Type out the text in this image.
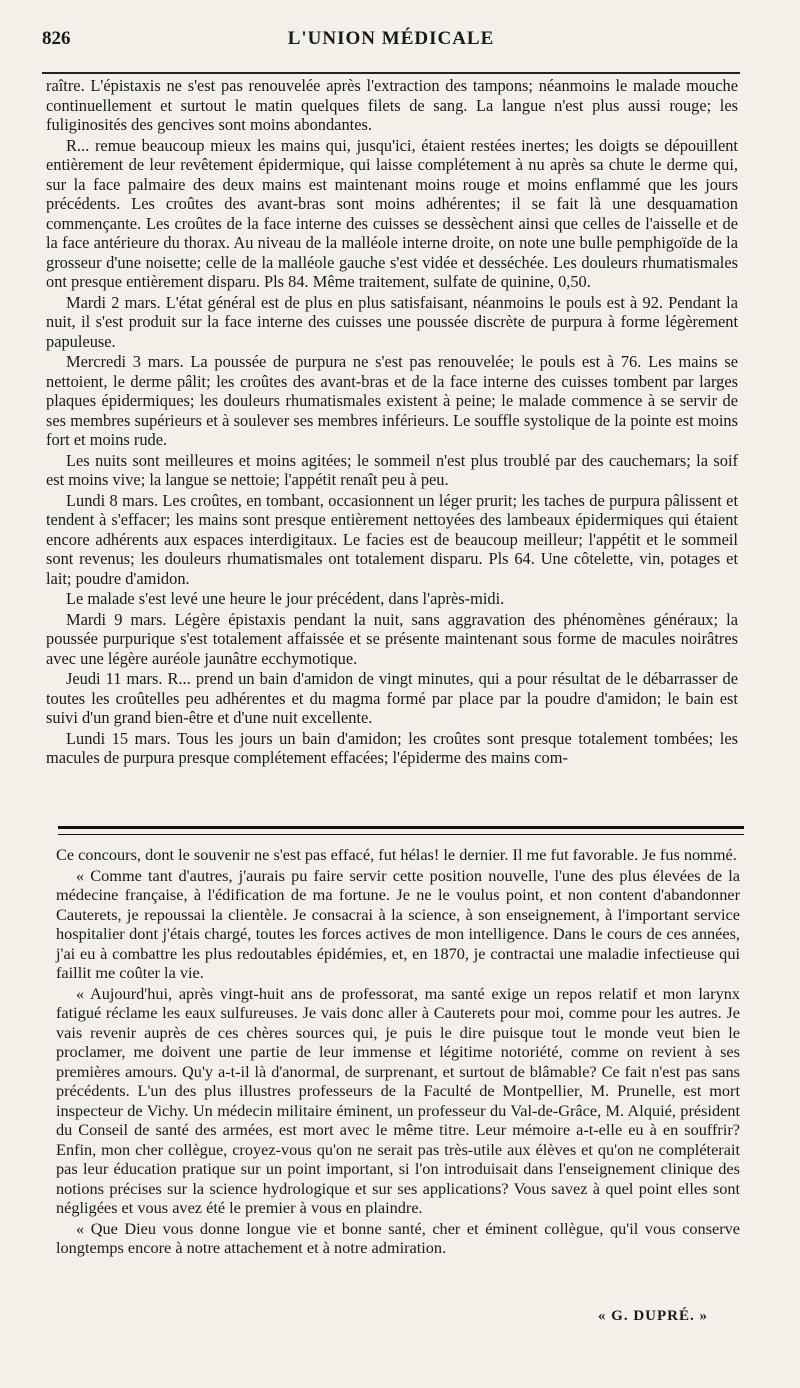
826	L'UNION MÉDICALE

raître. L'épistaxis ne s'est pas renouvelée après l'extraction des tampons; néanmoins le malade mouche continuellement et surtout le matin quelques filets de sang. La langue n'est plus aussi rouge; les fuliginosités des gencives sont moins abondantes.

R... remue beaucoup mieux les mains qui, jusqu'ici, étaient restées inertes; les doigts se dépouillent entièrement de leur revêtement épidermique, qui laisse complétement à nu après sa chute le derme qui, sur la face palmaire des deux mains est maintenant moins rouge et moins enflammé que les jours précédents. Les croûtes des avant-bras sont moins adhérentes; il se fait là une desquamation commençante. Les croûtes de la face interne des cuisses se dessèchent ainsi que celles de l'aisselle et de la face antérieure du thorax. Au niveau de la malléole interne droite, on note une bulle pemphigoïde de la grosseur d'une noisette; celle de la malléole gauche s'est vidée et desséchée. Les douleurs rhumatismales ont presque entièrement disparu. Pls 84. Même traitement, sulfate de quinine, 0,50.

Mardi 2 mars. L'état général est de plus en plus satisfaisant, néanmoins le pouls est à 92. Pendant la nuit, il s'est produit sur la face interne des cuisses une poussée discrète de purpura à forme légèrement papuleuse.

Mercredi 3 mars. La poussée de purpura ne s'est pas renouvelée; le pouls est à 76. Les mains se nettoient, le derme pâlit; les croûtes des avant-bras et de la face interne des cuisses tombent par larges plaques épidermiques; les douleurs rhumatismales existent à peine; le malade commence à se servir de ses membres supérieurs et à soulever ses membres inférieurs. Le souffle systolique de la pointe est moins fort et moins rude.

Les nuits sont meilleures et moins agitées; le sommeil n'est plus troublé par des cauchemars; la soif est moins vive; la langue se nettoie; l'appétit renaît peu à peu.

Lundi 8 mars. Les croûtes, en tombant, occasionnent un léger prurit; les taches de purpura pâlissent et tendent à s'effacer; les mains sont presque entièrement nettoyées des lambeaux épidermiques qui étaient encore adhérents aux espaces interdigitaux. Le facies est de beaucoup meilleur; l'appétit et le sommeil sont revenus; les douleurs rhumatismales ont totalement disparu. Pls 64. Une côtelette, vin, potages et lait; poudre d'amidon.

Le malade s'est levé une heure le jour précédent, dans l'après-midi.

Mardi 9 mars. Légère épistaxis pendant la nuit, sans aggravation des phénomènes généraux; la poussée purpurique s'est totalement affaissée et se présente maintenant sous forme de macules noirâtres avec une légère auréole jaunâtre ecchymotique.

Jeudi 11 mars. R... prend un bain d'amidon de vingt minutes, qui a pour résultat de le débarrasser de toutes les croûtelles peu adhérentes et du magma formé par place par la poudre d'amidon; le bain est suivi d'un grand bien-être et d'une nuit excellente.

Lundi 15 mars. Tous les jours un bain d'amidon; les croûtes sont presque totalement tombées; les macules de purpura presque complétement effacées; l'épiderme des mains com-

Ce concours, dont le souvenir ne s'est pas effacé, fut hélas! le dernier. Il me fut favorable. Je fus nommé.

« Comme tant d'autres, j'aurais pu faire servir cette position nouvelle, l'une des plus élevées de la médecine française, à l'édification de ma fortune. Je ne le voulus point, et non content d'abandonner Cauterets, je repoussai la clientèle. Je consacrai à la science, à son enseignement, à l'important service hospitalier dont j'étais chargé, toutes les forces actives de mon intelligence. Dans le cours de ces années, j'ai eu à combattre les plus redoutables épidémies, et, en 1870, je contractai une maladie infectieuse qui faillit me coûter la vie.

« Aujourd'hui, après vingt-huit ans de professorat, ma santé exige un repos relatif et mon larynx fatigué réclame les eaux sulfureuses. Je vais donc aller à Cauterets pour moi, comme pour les autres. Je vais revenir auprès de ces chères sources qui, je puis le dire puisque tout le monde veut bien le proclamer, me doivent une partie de leur immense et légitime notoriété, comme on revient à ses premières amours. Qu'y a-t-il là d'anormal, de surprenant, et surtout de blâmable? Ce fait n'est pas sans précédents. L'un des plus illustres professeurs de la Faculté de Montpellier, M. Prunelle, est mort inspecteur de Vichy. Un médecin militaire éminent, un professeur du Val-de-Grâce, M. Alquié, président du Conseil de santé des armées, est mort avec le même titre. Leur mémoire a-t-elle eu à en souffrir? Enfin, mon cher collègue, croyez-vous qu'on ne serait pas très-utile aux élèves et qu'on ne compléterait pas leur éducation pratique sur un point important, si l'on introduisait dans l'enseignement clinique des notions précises sur la science hydrologique et sur ses applications? Vous savez à quel point elles sont négligées et vous avez été le premier à vous en plaindre.

« Que Dieu vous donne longue vie et bonne santé, cher et éminent collègue, qu'il vous conserve longtemps encore à notre attachement et à notre admiration.

« G. DUPRÉ. »
